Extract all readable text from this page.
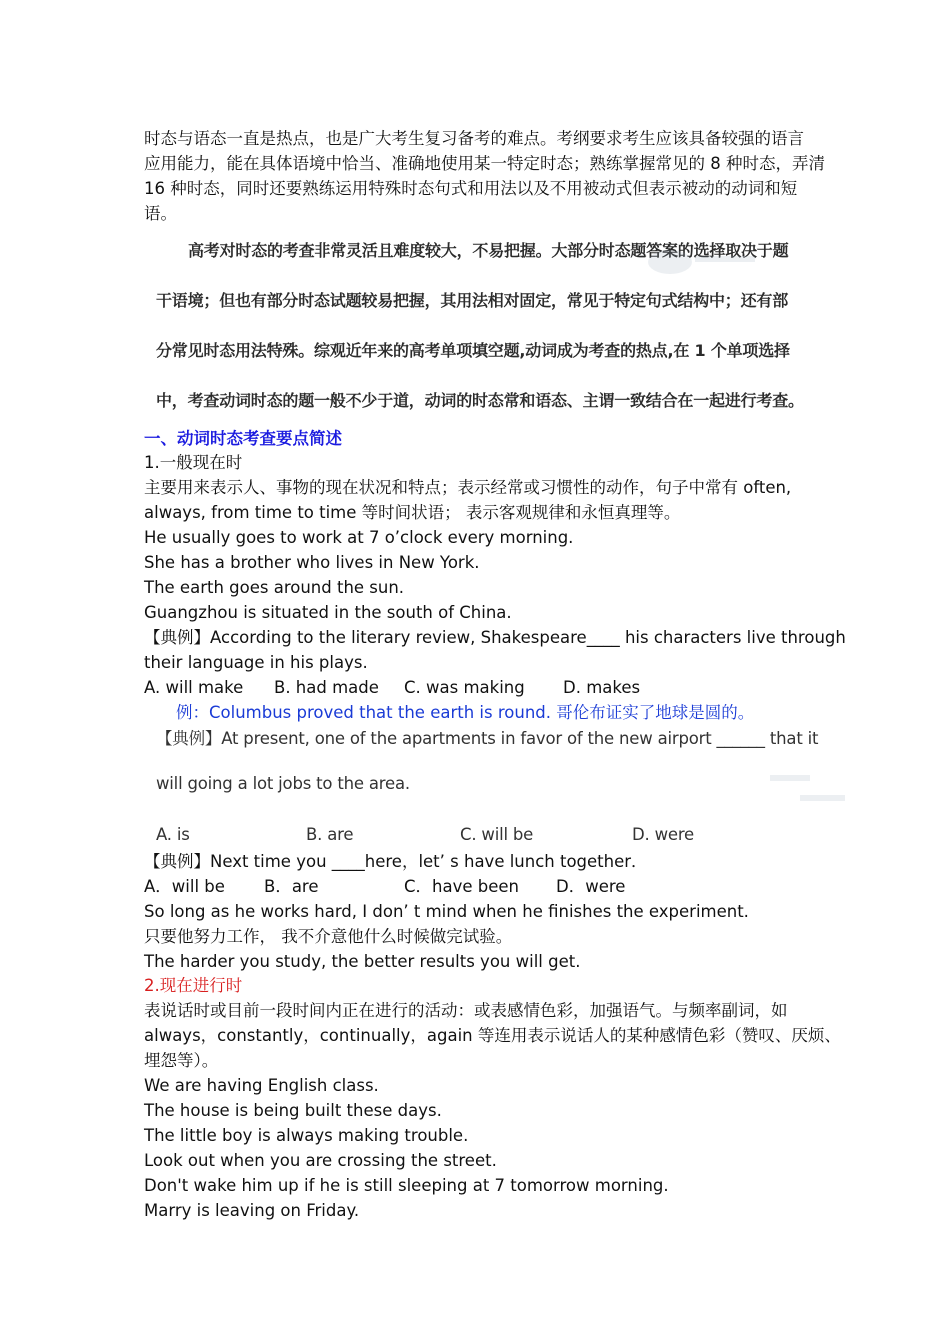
时态与语态一直是热点，也是广大考生复习备考的难点。考纲要求考生应该具备较强的语言
应用能力，能在具体语境中恰当、准确地使用某一特定时态；熟练掌握常见的 8 种时态，弄清
16 种时态，同时还要熟练运用特殊时态句式和用法以及不用被动式但表示被动的动词和短
语。
高考对时态的考查非常灵活且难度较大，不易把握。大部分时态题答案的选择取决于题
干语境；但也有部分时态试题较易把握，其用法相对固定，常见于特定句式结构中；还有部
分常见时态用法特殊。综观近年来的高考单项填空题,动词成为考查的热点,在 1 个单项选择
中，考查动词时态的题一般不少于道，动词的时态常和语态、主谓一致结合在一起进行考查。
一、动词时态考查要点简述
1.一般现在时
主要用来表示人、事物的现在状况和特点；表示经常或习惯性的动作，句子中常有 often,
always, from time to time 等时间状语； 表示客观规律和永恒真理等。
He usually goes to work at 7 o’clock every morning.
She has a brother who lives in New York.
The earth goes around the sun.
Guangzhou is situated in the south of China.
【典例】According to the literary review, Shakespeare____ his characters live through
their language in his plays.
A. will make B. had made C. was making D. makes
例：Columbus proved that the earth is round. 哥伦布证实了地球是圆的。
【典例】At present, one of the apartments in favor of the new airport ______ that it
will going a lot jobs to the area.
A. is	B. are	C. will be	D. were
【典例】Next time you ____here，let’ s have lunch together．
A．will be B．are	C．have been D．were
So long as he works hard, I don’ t mind when he finishes the experiment.
只要他努力工作， 我不介意他什么时候做完试验。
The harder you study, the better results you will get.
2.现在进行时
表说话时或目前一段时间内正在进行的活动：或表感情色彩，加强语气。与频率副词，如
always，constantly，continually，again 等连用表示说话人的某种感情色彩（赞叹、厌烦、
埋怨等）。
We are having English class.
The house is being built these days.
The little boy is always making trouble.
Look out when you are crossing the street.
Don't wake him up if he is still sleeping at 7 tomorrow morning.
Marry is leaving on Friday.
